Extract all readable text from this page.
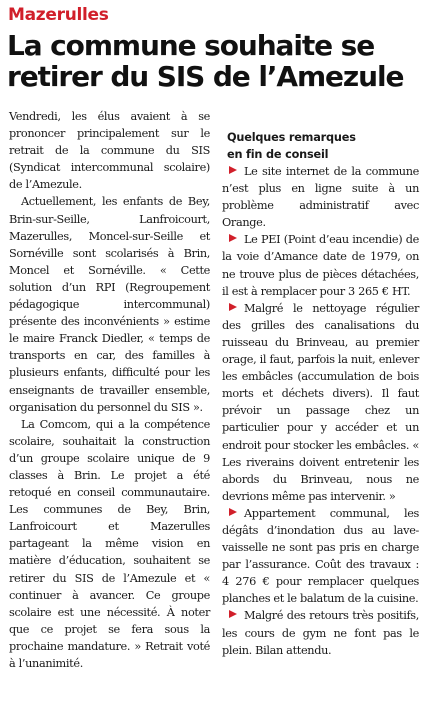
Mazerulles
La commune souhaite se
retirer du SIS de l’Amezule

Vendredi, les élus avaient à se prononcer principalement sur le retrait de la commune du SIS (Syndicat intercommunal scolaire) de l’Amezule.

Actuellement, les enfants de Bey, Brin-sur-Seille, Lanfroicourt, Mazerulles, Moncel-sur-Seille et Sornéville sont scolarisés à Brin, Moncel et Sornéville. « Cette solution d’un RPI (Regroupement pédagogique intercommunal) présente des inconvénients » estime le maire Franck Diedler, « temps de transports en car, des familles à plusieurs enfants, difficulté pour les enseignants de travailler ensemble, organisation du personnel du SIS ».

La Comcom, qui a la compétence scolaire, souhaitait la construction d’un groupe scolaire unique de 9 classes à Brin. Le projet a été retoqué en conseil communautaire. Les communes de Bey, Brin, Lanfroicourt et Mazerulles partageant la même vision en matière d’éducation, souhaitent se retirer du SIS de l’Amezule et « continuer à avancer. Ce groupe scolaire est une nécessité. À noter que ce projet se fera sous la prochaine mandature. » Retrait voté à l’unanimité.

Quelques remarques
en fin de conseil

Le site internet de la commune n’est plus en ligne suite à un problème administratif avec Orange.

Le PEI (Point d’eau incendie) de la voie d’Amance date de 1979, on ne trouve plus de pièces détachées, il est à remplacer pour 3 265 € HT.

Malgré le nettoyage régulier des grilles des canalisations du ruisseau du Brinveau, au premier orage, il faut, parfois la nuit, enlever les embâcles (accumulation de bois morts et déchets divers). Il faut prévoir un passage chez un particulier pour y accéder et un endroit pour stocker les embâcles. « Les riverains doivent entretenir les abords du Brinveau, nous ne devrions même pas intervenir. »

Appartement communal, les dégâts d’inondation dus au lave-vaisselle ne sont pas pris en charge par l’assurance. Coût des travaux : 4 276 € pour remplacer quelques planches et le balatum de la cuisine.

Malgré des retours très positifs, les cours de gym ne font pas le plein. Bilan attendu.
